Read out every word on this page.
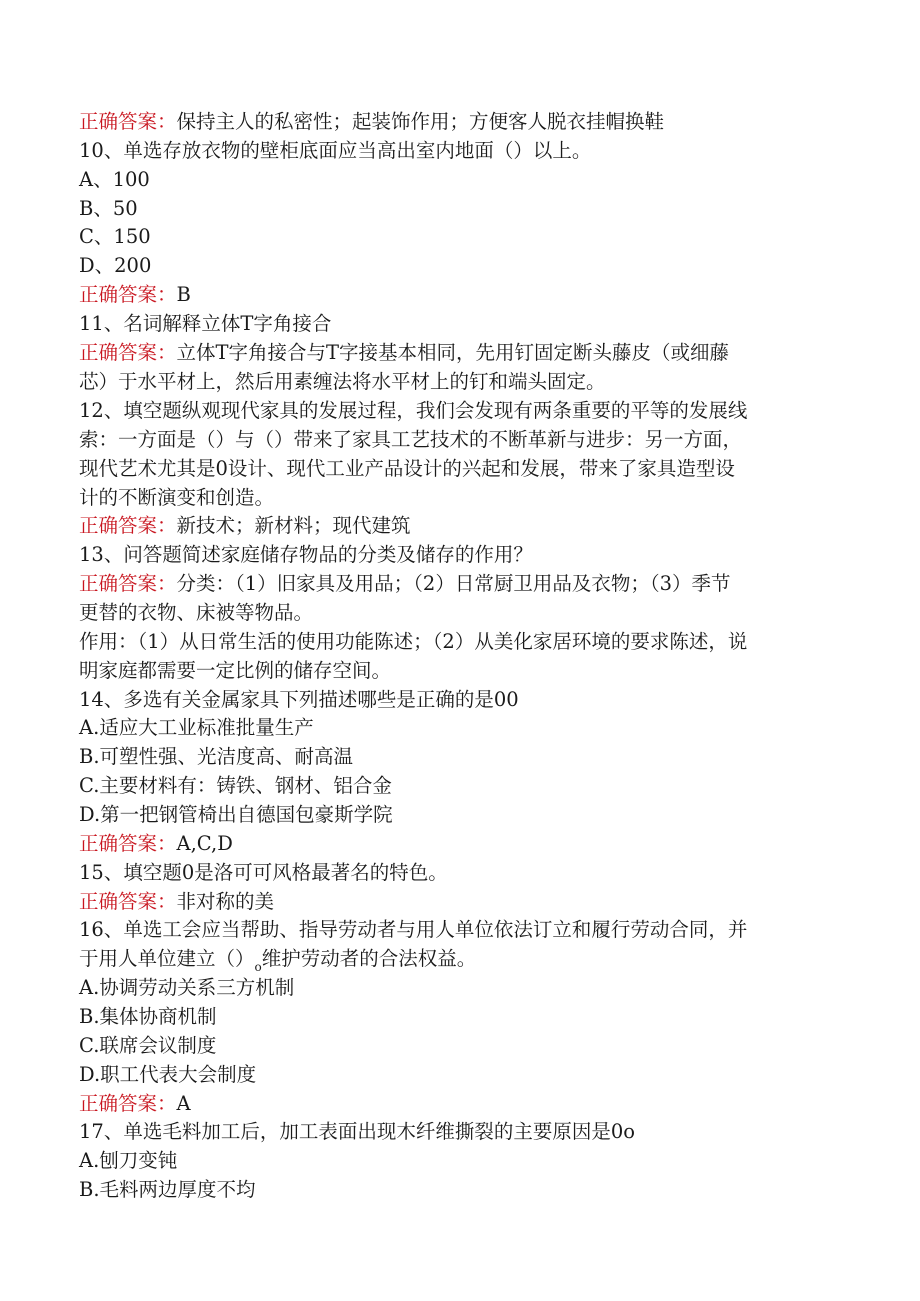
正确答案：保持主人的私密性；起装饰作用；方便客人脱衣挂帽换鞋
10、单选存放衣物的壁柜底面应当高出室内地面（）以上。
A、100
B、50
C、150
D、200
正确答案：B
11、名词解释立体T字角接合
正确答案：立体T字角接合与T字接基本相同，先用钉固定断头藤皮（或细藤
芯）于水平材上，然后用素缠法将水平材上的钉和端头固定。
12、填空题纵观现代家具的发展过程，我们会发现有两条重要的平等的发展线
索：一方面是（）与（）带来了家具工艺技术的不断革新与进步：另一方面，
现代艺术尤其是0设计、现代工业产品设计的兴起和发展，带来了家具造型设
计的不断演变和创造。
正确答案：新技术；新材料；现代建筑
13、问答题简述家庭储存物品的分类及储存的作用？
正确答案：分类：（1）旧家具及用品；（2）日常厨卫用品及衣物；（3）季节
更替的衣物、床被等物品。
作用：（1）从日常生活的使用功能陈述；（2）从美化家居环境的要求陈述，说
明家庭都需要一定比例的储存空间。
14、多选有关金属家具下列描述哪些是正确的是00
A.适应大工业标准批量生产
B.可塑性强、光洁度高、耐高温
C.主要材料有：铸铁、钢材、铝合金
D.第一把钢管椅出自德国包豪斯学院
正确答案：A,C,D
15、填空题0是洛可可风格最著名的特色。
正确答案：非对称的美
16、单选工会应当帮助、指导劳动者与用人单位依法订立和履行劳动合同，并
于用人单位建立$()_o$维护劳动者的合法权益。
A.协调劳动关系三方机制
B.集体协商机制
C.联席会议制度
D.职工代表大会制度
正确答案：A
17、单选毛料加工后，加工表面出现木纤维撕裂的主要原因是0o
A.刨刀变钝
B.毛料两边厚度不均
